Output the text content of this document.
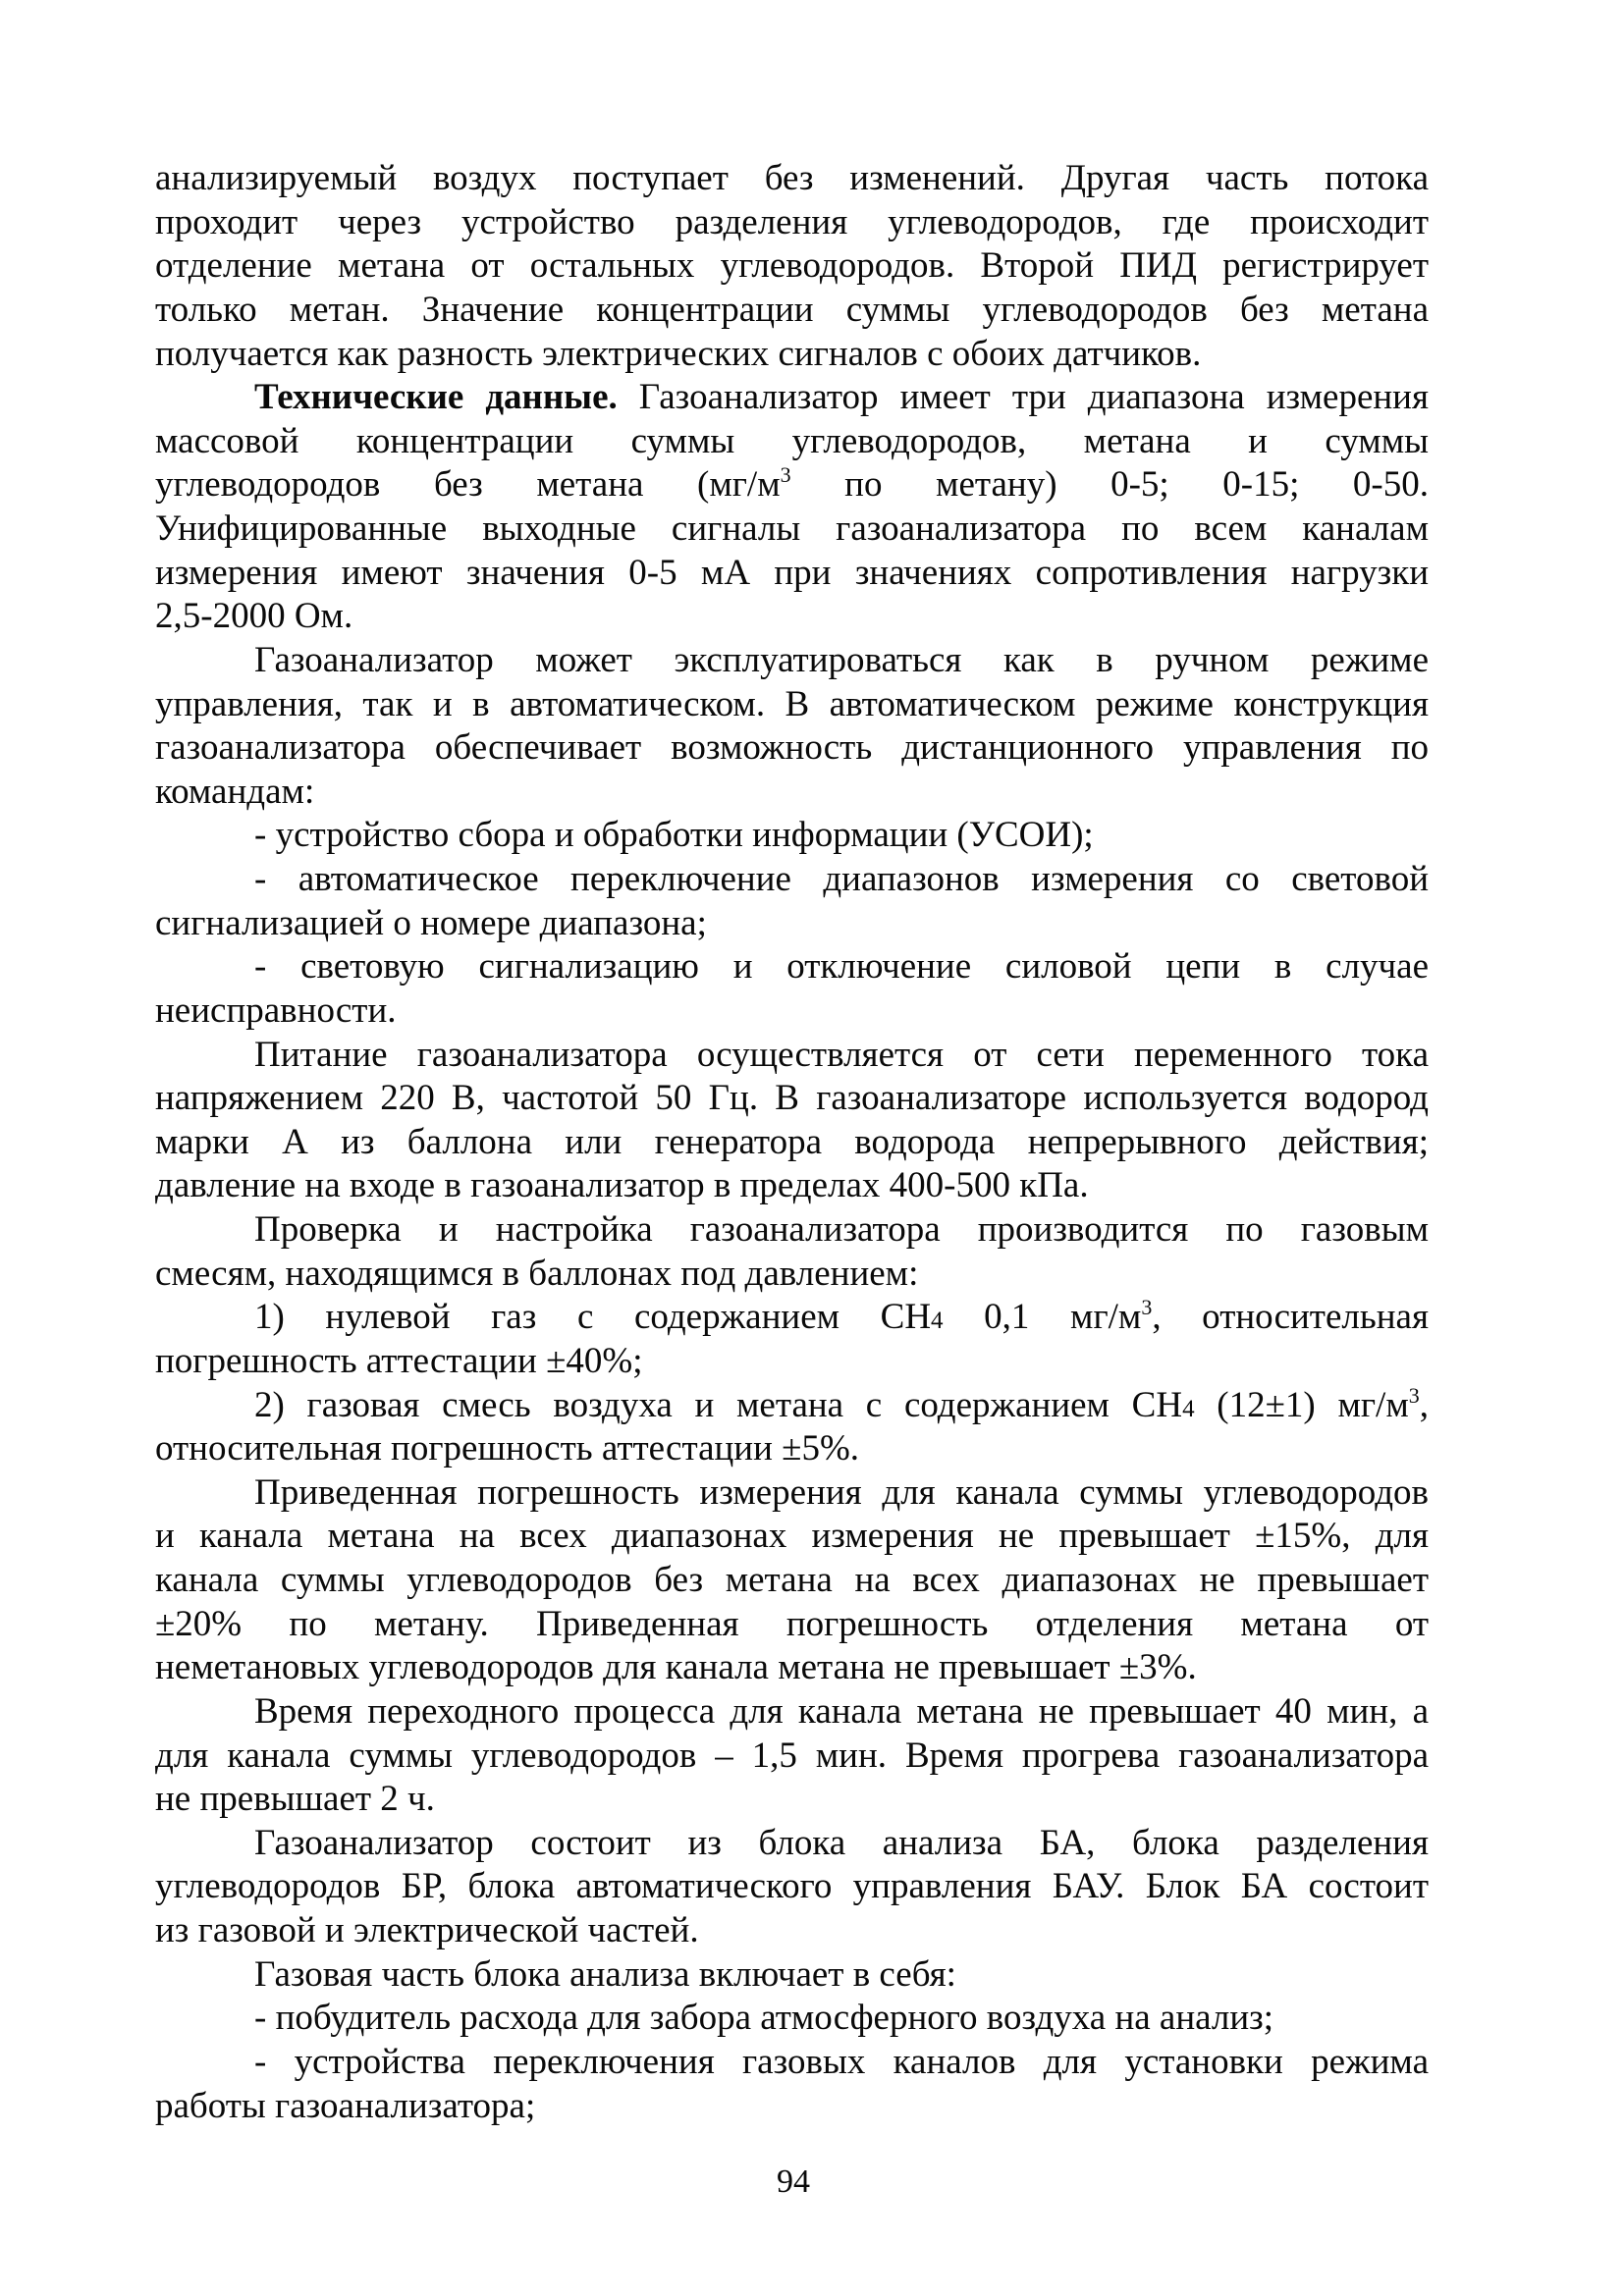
анализируемый воздух поступает без изменений. Другая часть потока
проходит через устройство разделения углеводородов, где происходит
отделение метана от остальных углеводородов. Второй ПИД регистрирует
только метан. Значение концентрации суммы углеводородов без метана
получается как разность электрических сигналов с обоих датчиков.
Технические данные. Газоанализатор имеет три диапазона измерения
массовой концентрации суммы углеводородов, метана и суммы
углеводородов без метана ($мг/м^3$ по метану) 0-5; 0-15; 0-50.
Унифицированные выходные сигналы газоанализатора по всем каналам
измерения имеют значения 0-5 мА при значениях сопротивления нагрузки
2,5-2000 Ом.
Газоанализатор может эксплуатироваться как в ручном режиме
управления, так и в автоматическом. В автоматическом режиме конструкция
газоанализатора обеспечивает возможность дистанционного управления по
командам:
- устройство сбора и обработки информации (УСОИ);
- автоматическое переключение диапазонов измерения со световой
сигнализацией о номере диапазона;
- световую сигнализацию и отключение силовой цепи в случае
неисправности.
Питание газоанализатора осуществляется от сети переменного тока
напряжением 220 В, частотой 50 Гц. В газоанализаторе используется водород
марки А из баллона или генератора водорода непрерывного действия;
давление на входе в газоанализатор в пределах 400-500 кПа.
Проверка и настройка газоанализатора производится по газовым
смесям, находящимся в баллонах под давлением:
1) нулевой газ с содержанием CH4 0,1 $мг/м^3$, относительная
погрешность аттестации ±40%;
2) газовая смесь воздуха и метана с содержанием CH4 (12±1) $мг/м^3$,
относительная погрешность аттестации ±5%.
Приведенная погрешность измерения для канала суммы углеводородов
и канала метана на всех диапазонах измерения не превышает ±15%, для
канала суммы углеводородов без метана на всех диапазонах не превышает
±20% по метану. Приведенная погрешность отделения метана от
неметановых углеводородов для канала метана не превышает ±3%.
Время переходного процесса для канала метана не превышает 40 мин, а
для канала суммы углеводородов – 1,5 мин. Время прогрева газоанализатора
не превышает 2 ч.
Газоанализатор состоит из блока анализа БА, блока разделения
углеводородов БР, блока автоматического управления БАУ. Блок БА состоит
из газовой и электрической частей.
Газовая часть блока анализа включает в себя:
- побудитель расхода для забора атмосферного воздуха на анализ;
- устройства переключения газовых каналов для установки режима
работы газоанализатора;
94
